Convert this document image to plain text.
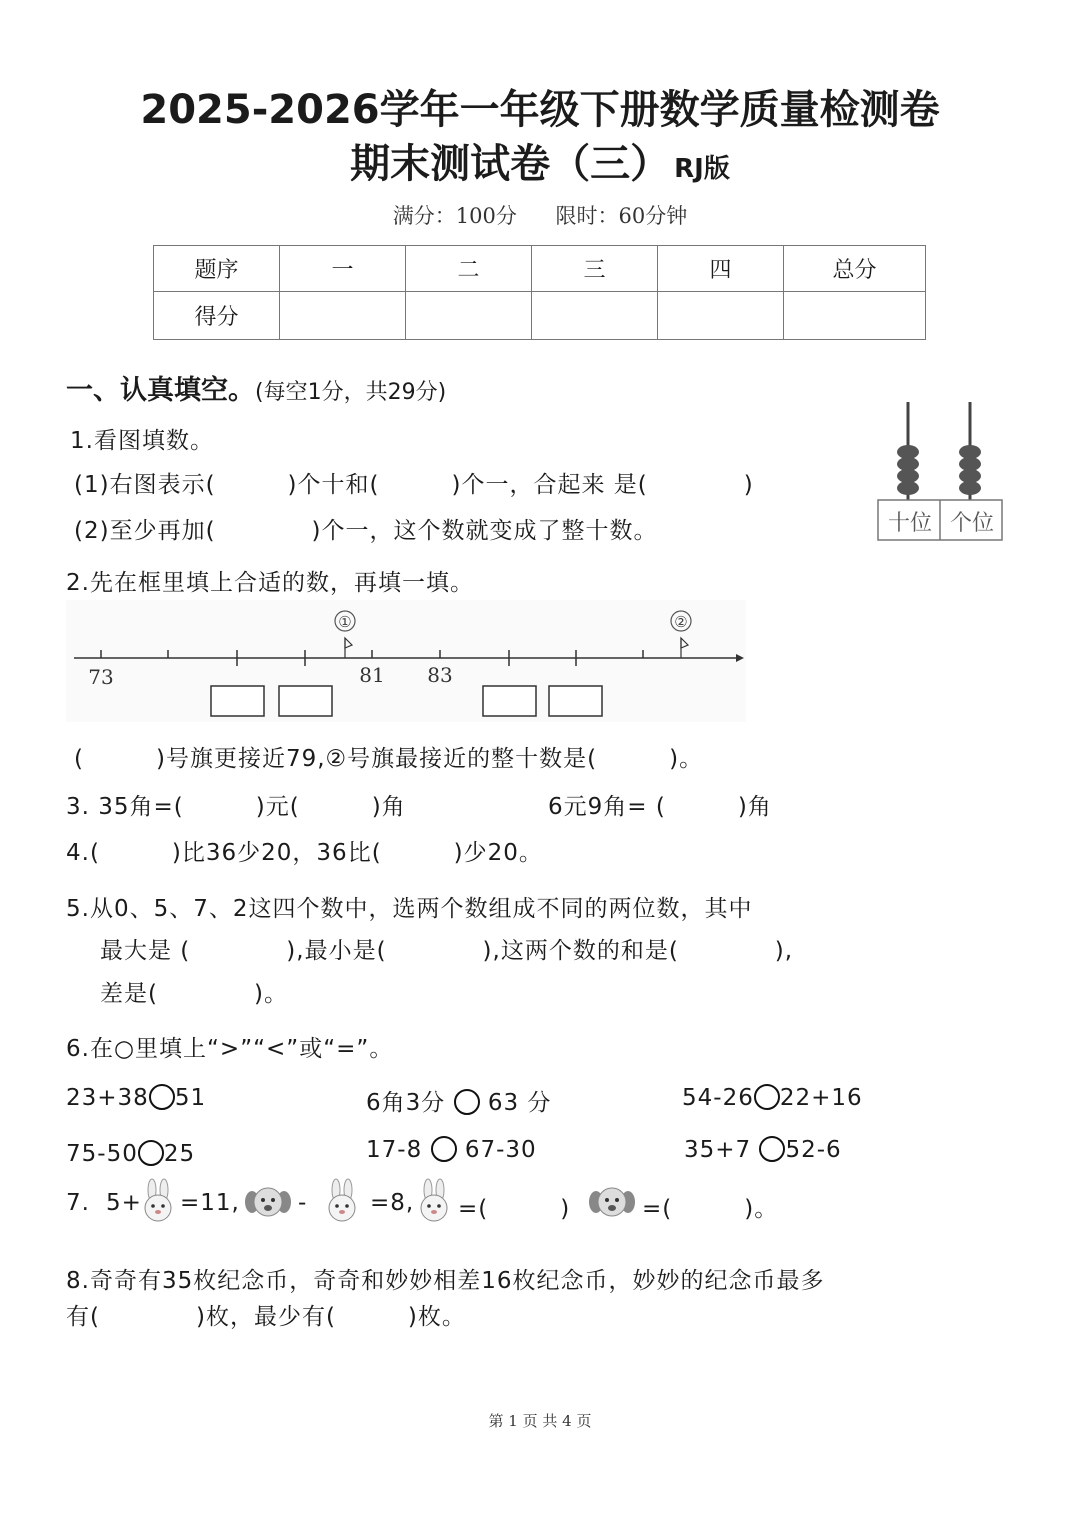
2025-2026学年一年级下册数学质量检测卷
期末测试卷（三） RJ版
满分：100分 限时：60分钟
题序	一	二	三	四	总分
得分					
一、认真填空。(每空1分，共29分)
1.看图填数。
(1)右图表示(　　　)个十和(　　　)个一，合起来 是(　　　　)
(2)至少再加(　　　　)个一，这个数就变成了整十数。	十位 个位
2.先在框里填上合适的数，再填一填。
①	②
73	81 83
(　　　)号旗更接近79,②号旗最接近的整十数是(　　　)。
3. 35角=(　　　)元(　　　)角	6元9角= (　　　)角
4.(　　　)比36少20，36比(　　　)少20。
5.从0、5、7、2这四个数中，选两个数组成不同的两位数，其中
最大是 (　　　　),最小是(　　　　),这两个数的和是(　　　　),
差是(　　　　)。
6.在○里填上“>”“<”或“=”。
23+38 51	6角3分 63 分	54-26 22+16
75-50 25	17-8 67-30	35+7 52-6
7. 5+ =11,	-	=8, =(　　　)	=(　　　)。
8.奇奇有35枚纪念币，奇奇和妙妙相差16枚纪念币，妙妙的纪念币最多
有(　　　　)枚，最少有(　　　)枚。
第 1 页 共 4 页
